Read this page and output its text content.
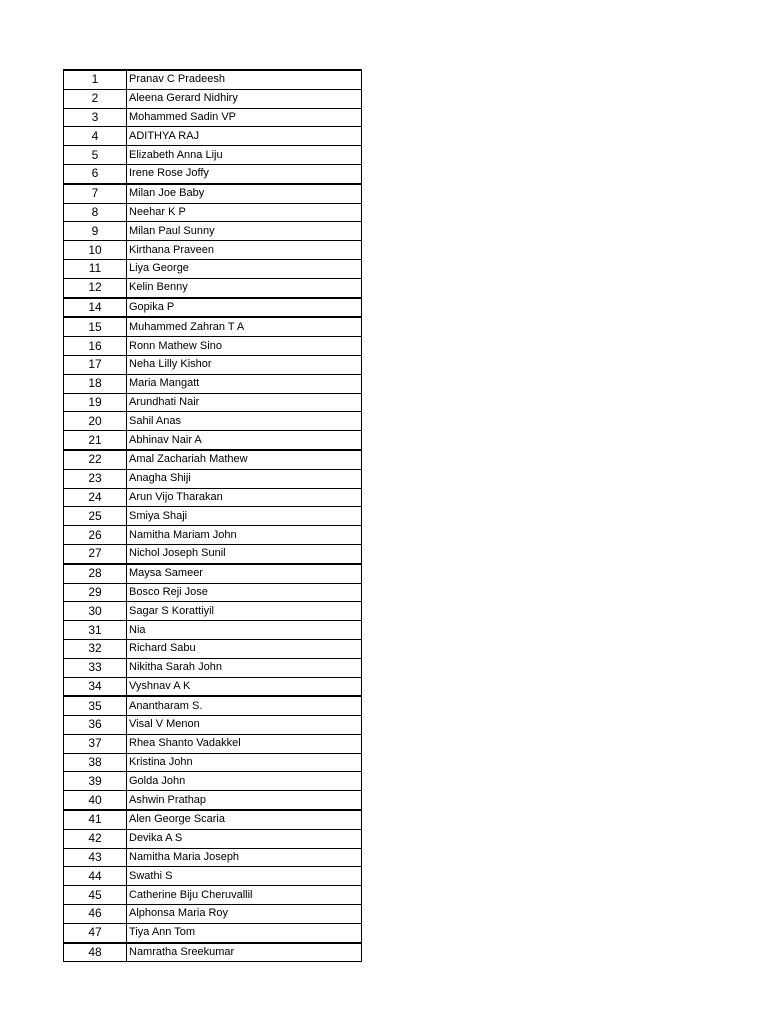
1	Pranav C Pradeesh
2	Aleena Gerard Nidhiry
3	Mohammed Sadin VP
4	ADITHYA RAJ
5	Elizabeth Anna Liju
6	Irene Rose Joffy
7	Milan Joe Baby
8	Neehar K P
9	Milan Paul Sunny
10	Kirthana Praveen
11	Liya George
12	Kelin Benny
14	Gopika P
15	Muhammed Zahran T A
16	Ronn Mathew Sino
17	Neha Lilly Kishor
18	Maria Mangatt
19	Arundhati Nair
20	Sahil Anas
21	Abhinav Nair A
22	Amal Zachariah Mathew
23	Anagha Shiji
24	Arun Vijo Tharakan
25	Smiya Shaji
26	Namitha Mariam John
27	Nichol Joseph Sunil
28	Maysa Sameer
29	Bosco Reji Jose
30	Sagar S Korattiyil
31	Nia
32	Richard Sabu
33	Nikitha Sarah John
34	Vyshnav A K
35	Anantharam S.
36	Visal V Menon
37	Rhea Shanto Vadakkel
38	Kristina John
39	Golda John
40	Ashwin Prathap
41	Alen George Scaria
42	Devika A S
43	Namitha Maria Joseph
44	Swathi S
45	Catherine Biju Cheruvallil
46	Alphonsa Maria Roy
47	Tiya Ann Tom
48	Namratha Sreekumar
